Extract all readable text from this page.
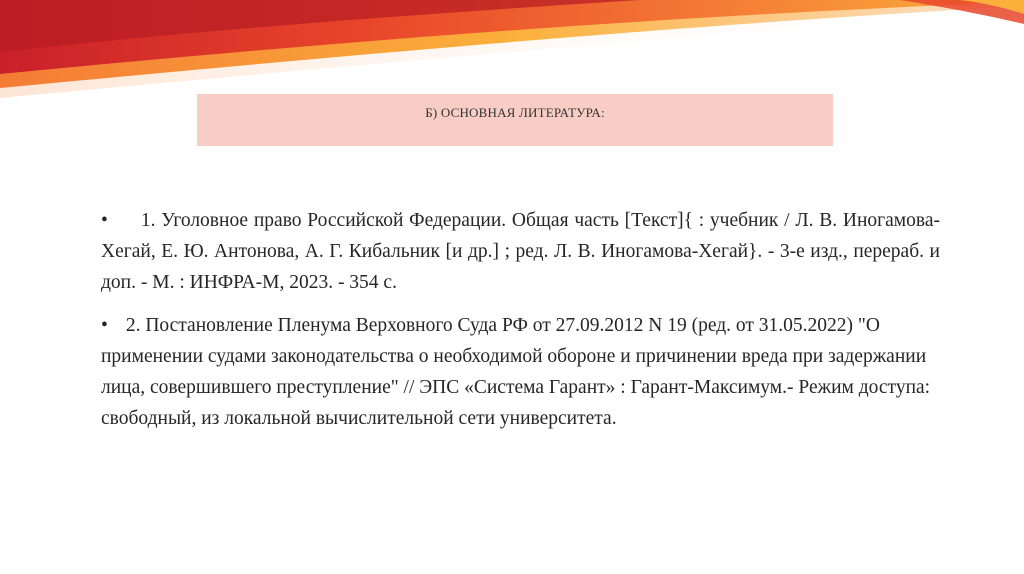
Б) ОСНОВНАЯ ЛИТЕРАТУРА:
• 1. Уголовное право Российской Федерации. Общая часть [Текст]{ : учебник / Л. В. Иногамова-Хегай, Е. Ю. Антонова, А. Г. Кибальник [и др.] ; ред. Л. В. Иногамова-Хегай}. - 3-е изд., перераб. и доп. - М. : ИНФРА-М, 2023. - 354 с.
• 2. Постановление Пленума Верховного Суда РФ от 27.09.2012 N 19 (ред. от 31.05.2022) "О применении судами законодательства о необходимой обороне и причинении вреда при задержании лица, совершившего преступление" // ЭПС «Система Гарант» : Гарант-Максимум.- Режим доступа: свободный, из локальной вычислительной сети университета.
